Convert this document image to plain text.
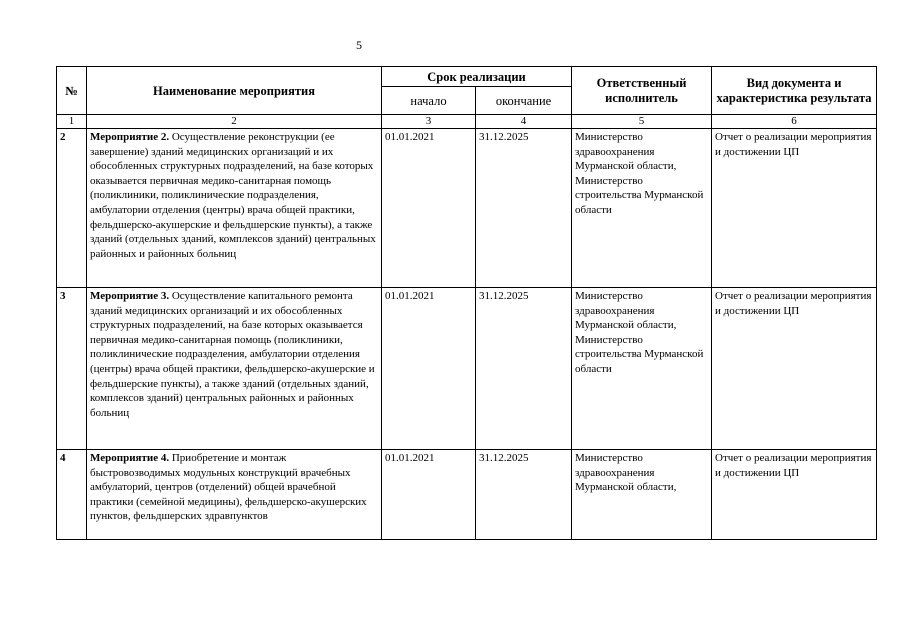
5
№	Наименование мероприятия	Срок реализации		Ответственный исполнитель	Вид документа и характеристика результата
		начало	окончание		
1	2	3	4	5	6
2	Мероприятие 2. Осуществление реконструкции (ее завершение) зданий медицинских организаций и их обособленных структурных подразделений, на базе которых оказывается первичная медико-санитарная помощь (поликлиники, поликлинические подразделения, амбулатории отделения (центры) врача общей практики, фельдшерско-акушерские и фельдшерские пункты), а также зданий (отдельных зданий, комплексов зданий) центральных районных и районных больниц	01.01.2021	31.12.2025	Министерство здравоохранения Мурманской области, Министерство строительства Мурманской области	Отчет о реализации мероприятия и достижении ЦП
3	Мероприятие 3. Осуществление капитального ремонта зданий медицинских организаций и их обособленных структурных подразделений, на базе которых оказывается первичная медико-санитарная помощь (поликлиники, поликлинические подразделения, амбулатории отделения (центры) врача общей практики, фельдшерско-акушерские и фельдшерские пункты), а также зданий (отдельных зданий, комплексов зданий) центральных районных и районных больниц	01.01.2021	31.12.2025	Министерство здравоохранения Мурманской области, Министерство строительства Мурманской области	Отчет о реализации мероприятия и достижении ЦП
4	Мероприятие 4. Приобретение и монтаж быстровозводимых модульных конструкций врачебных амбулаторий, центров (отделений) общей врачебной практики (семейной медицины), фельдшерско-акушерских пунктов, фельдшерских здравпунктов	01.01.2021	31.12.2025	Министерство здравоохранения Мурманской области,	Отчет о реализации мероприятия и достижении ЦП
